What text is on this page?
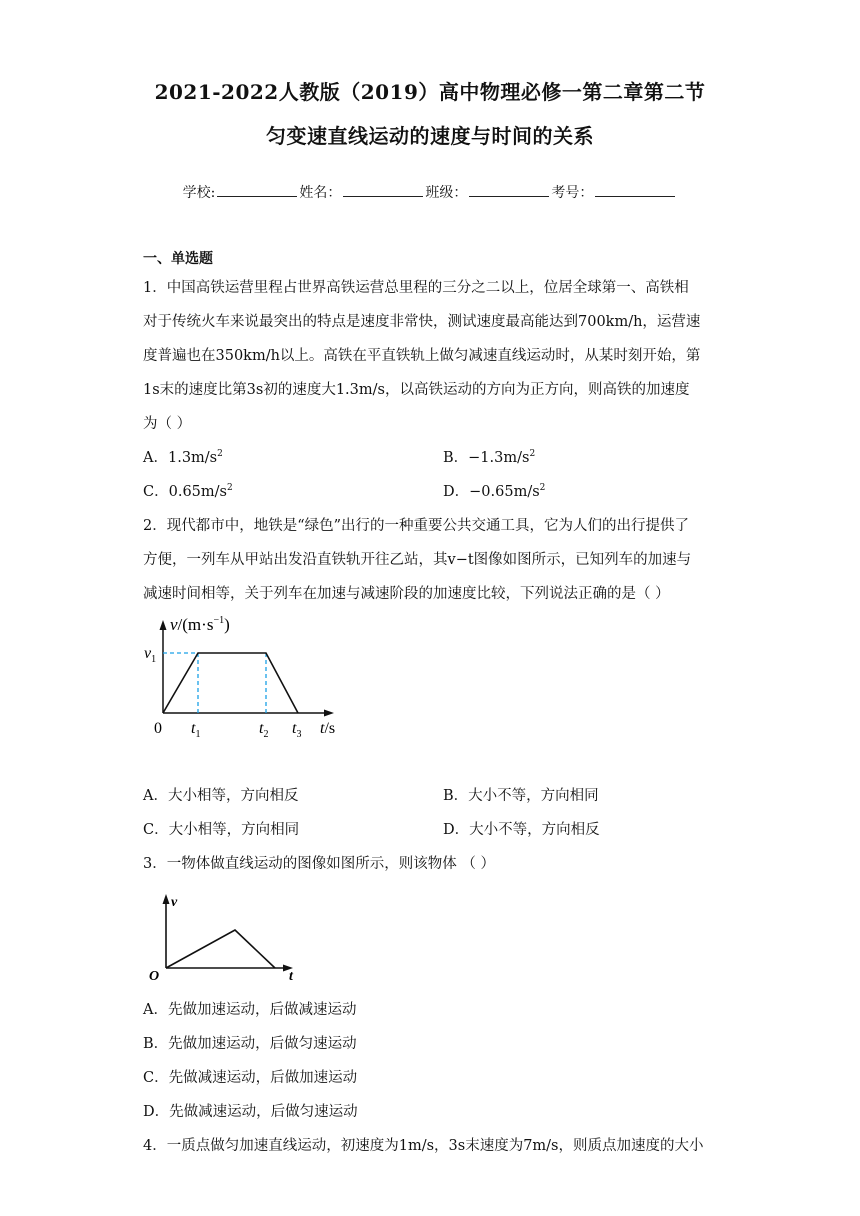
2021-2022人教版（2019）高中物理必修一第二章第二节
匀变速直线运动的速度与时间的关系
学校:	姓名：	班级：	考号：
一、单选题
1．中国高铁运营里程占世界高铁运营总里程的三分之二以上，位居全球第一、高铁相
对于传统火车来说最突出的特点是速度非常快，测试速度最高能达到700km/h，运营速
度普遍也在350km/h以上。高铁在平直铁轨上做匀减速直线运动时，从某时刻开始，第
1s末的速度比第3s初的速度大1.3m/s，以高铁运动的方向为正方向，则高铁的加速度
为（ ）
A．$1.3m/s^2$	B．$-1.3m/s^2$
C．$0.65m/s^2$	D．$-0.65m/s^2$
2．现代都市中，地铁是“绿色”出行的一种重要公共交通工具，它为人们的出行提供了
方便，一列车从甲站出发沿直铁轨开往乙站，其v−t图像如图所示，已知列车的加速与
减速时间相等，关于列车在加速与减速阶段的加速度比较，下列说法正确的是（ ）
$v/(m\cdot s^{-1})$
$v_1$
0 $t_1$	$t_2$ $t_3$ t/s
A．大小相等，方向相反	B．大小不等，方向相同
C．大小相等，方向相同	D．大小不等，方向相反
3．一物体做直线运动的图像如图所示，则该物体 （ ）
v
O	t
A．先做加速运动，后做减速运动
B．先做加速运动，后做匀速运动
C．先做减速运动，后做加速运动
D．先做减速运动，后做匀速运动
4．一质点做匀加速直线运动，初速度为1m/s，3s末速度为7m/s，则质点加速度的大小
